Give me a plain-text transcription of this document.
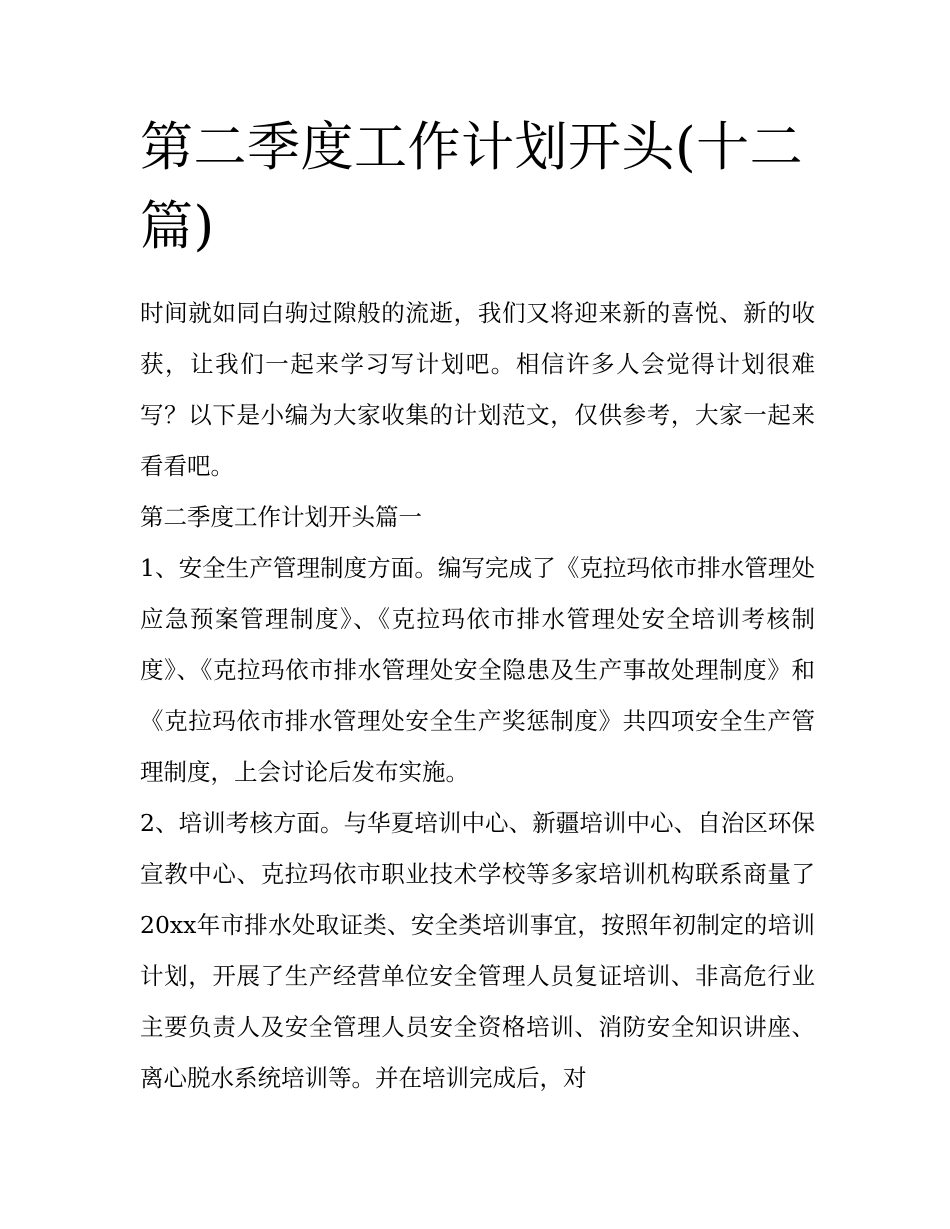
第二季度工作计划开头(十二篇)

时间就如同白驹过隙般的流逝，我们又将迎来新的喜悦、新的收获，让我们一起来学习写计划吧。相信许多人会觉得计划很难写？以下是小编为大家收集的计划范文，仅供参考，大家一起来看看吧。

第二季度工作计划开头篇一

1、安全生产管理制度方面。编写完成了《克拉玛依市排水管理处应急预案管理制度》、《克拉玛依市排水管理处安全培训考核制度》、《克拉玛依市排水管理处安全隐患及生产事故处理制度》和《克拉玛依市排水管理处安全生产奖惩制度》共四项安全生产管理制度，上会讨论后发布实施。

2、培训考核方面。与华夏培训中心、新疆培训中心、自治区环保宣教中心、克拉玛依市职业技术学校等多家培训机构联系商量了20xx年市排水处取证类、安全类培训事宜，按照年初制定的培训计划，开展了生产经营单位安全管理人员复证培训、非高危行业主要负责人及安全管理人员安全资格培训、消防安全知识讲座、离心脱水系统培训等。并在培训完成后，对
